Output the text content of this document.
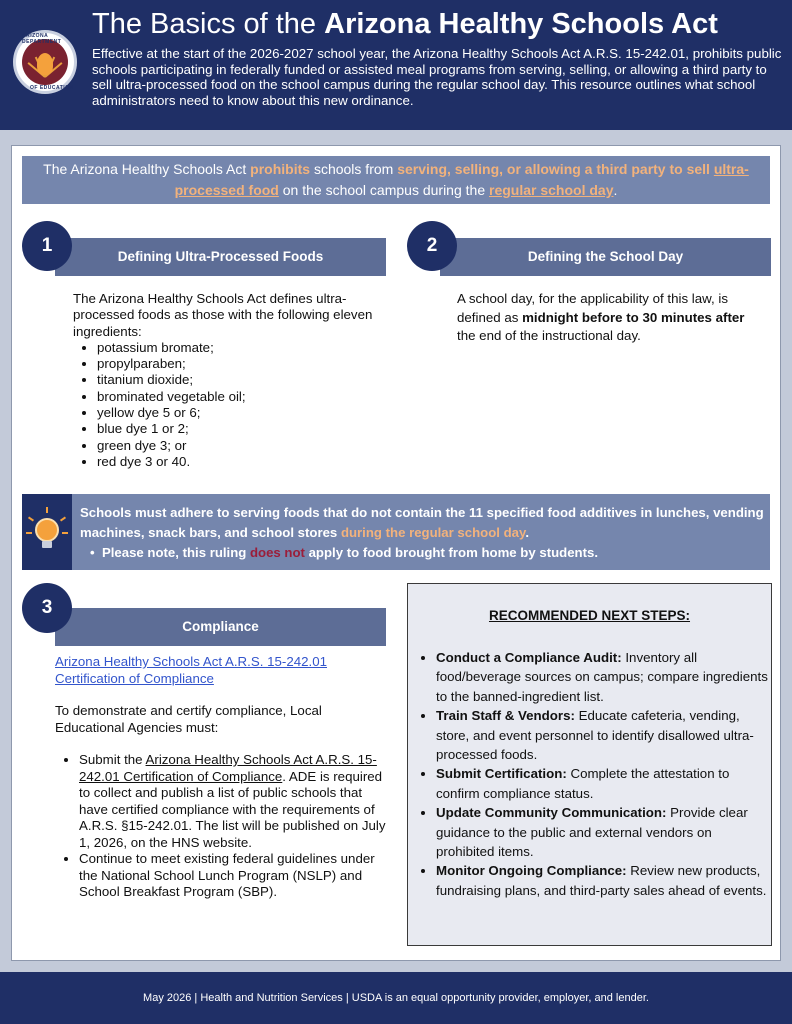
ARIZONA DEPARTMENT
OF EDUCATION
The Basics of the Arizona Healthy Schools Act
Effective at the start of the 2026-2027 school year, the Arizona Healthy Schools Act A.R.S. 15-242.01, prohibits public schools participating in federally funded or assisted meal programs from serving, selling, or allowing a third party to sell ultra-processed food on the school campus during the regular school day. This resource outlines what school administrators need to know about this new ordinance.
The Arizona Healthy Schools Act prohibits schools from serving, selling, or allowing a third party to sell ultra-processed food on the school campus during the regular school day.
1
Defining Ultra-Processed Foods
The Arizona Healthy Schools Act defines ultra-processed foods as those with the following eleven ingredients:
• potassium bromate;
• propylparaben;
• titanium dioxide;
• brominated vegetable oil;
• yellow dye 5 or 6;
• blue dye 1 or 2;
• green dye 3; or
• red dye 3 or 40.
2
Defining the School Day
A school day, for the applicability of this law, is defined as midnight before to 30 minutes after the end of the instructional day.
Schools must adhere to serving foods that do not contain the 11 specified food additives in lunches, vending machines, snack bars, and school stores during the regular school day.
•  Please note, this ruling does not apply to food brought from home by students.
3
Compliance
Arizona Healthy Schools Act A.R.S. 15-242.01 Certification of Compliance
To demonstrate and certify compliance, Local Educational Agencies must:
• Submit the Arizona Healthy Schools Act A.R.S. 15-242.01 Certification of Compliance. ADE is required to collect and publish a list of public schools that have certified compliance with the requirements of A.R.S. §15-242.01. The list will be published on July 1, 2026, on the HNS website.
• Continue to meet existing federal guidelines under the National School Lunch Program (NSLP) and School Breakfast Program (SBP).
RECOMMENDED NEXT STEPS:
• Conduct a Compliance Audit: Inventory all food/beverage sources on campus; compare ingredients to the banned-ingredient list.
• Train Staff & Vendors: Educate cafeteria, vending, store, and event personnel to identify disallowed ultra-processed foods.
• Submit Certification: Complete the attestation to confirm compliance status.
• Update Community Communication: Provide clear guidance to the public and external vendors on prohibited items.
• Monitor Ongoing Compliance: Review new products, fundraising plans, and third-party sales ahead of events.
May 2026 | Health and Nutrition Services | USDA is an equal opportunity provider, employer, and lender.
